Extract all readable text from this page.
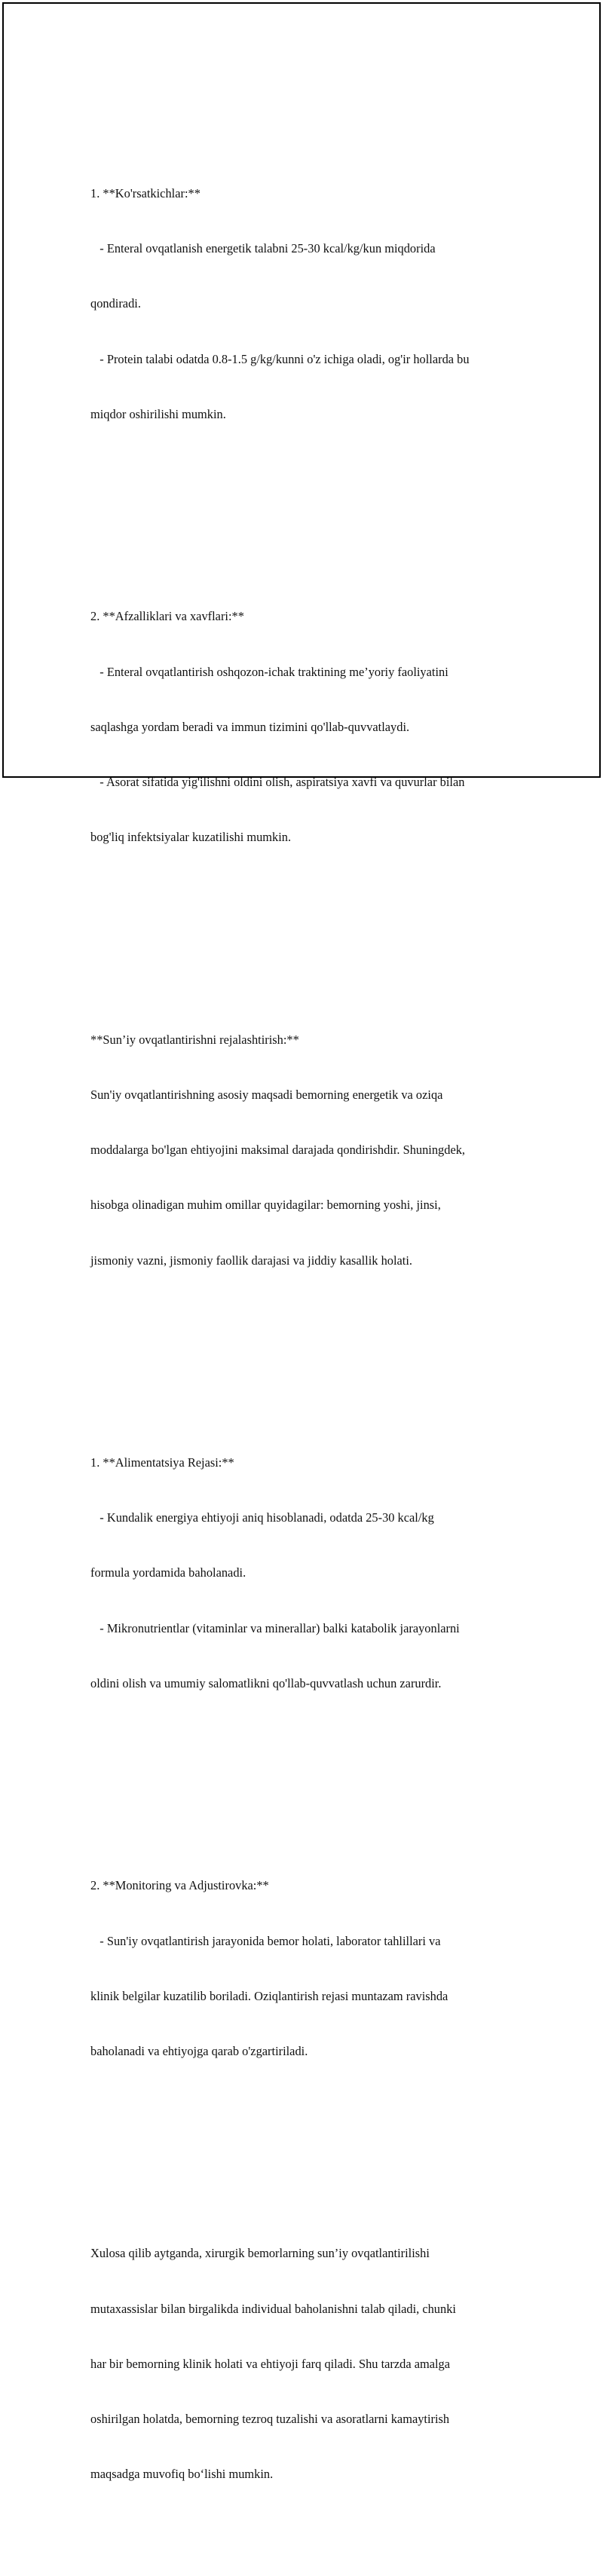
1. **Ko'rsatkichlar:**

- Enteral ovqatlanish energetik talabni 25-30 kcal/kg/kun miqdorida

qondiradi.

- Protein talabi odatda 0.8-1.5 g/kg/kunni o'z ichiga oladi, og'ir hollarda bu

miqdor oshirilishi mumkin.

2. **Afzalliklari va xavflari:**

- Enteral ovqatlantirish oshqozon-ichak traktining me’yoriy faoliyatini

saqlashga yordam beradi va immun tizimini qo'llab-quvvatlaydi.

- Asorat sifatida yig'ilishni oldini olish, aspiratsiya xavfi va quvurlar bilan

bog'liq infektsiyalar kuzatilishi mumkin.

**Sun’iy ovqatlantirishni rejalashtirish:**

Sun'iy ovqatlantirishning asosiy maqsadi bemorning energetik va oziqa

moddalarga bo'lgan ehtiyojini maksimal darajada qondirishdir. Shuningdek,

hisobga olinadigan muhim omillar quyidagilar: bemorning yoshi, jinsi,

jismoniy vazni, jismoniy faollik darajasi va jiddiy kasallik holati.

1. **Alimentatsiya Rejasi:**

- Kundalik energiya ehtiyoji aniq hisoblanadi, odatda 25-30 kcal/kg

formula yordamida baholanadi.

- Mikronutrientlar (vitaminlar va minerallar) balki katabolik jarayonlarni

oldini olish va umumiy salomatlikni qo'llab-quvvatlash uchun zarurdir.

2. **Monitoring va Adjustirovka:**

- Sun'iy ovqatlantirish jarayonida bemor holati, laborator tahlillari va

klinik belgilar kuzatilib boriladi. Oziqlantirish rejasi muntazam ravishda

baholanadi va ehtiyojga qarab o'zgartiriladi.

Xulosa qilib aytganda, xirurgik bemorlarning sun’iy ovqatlantirilishi

mutaxassislar bilan birgalikda individual baholanishni talab qiladi, chunki

har bir bemorning klinik holati va ehtiyoji farq qiladi. Shu tarzda amalga

oshirilgan holatda, bemorning tezroq tuzalishi va asoratlarni kamaytirish

maqsadga muvofiq bo‘lishi mumkin.
